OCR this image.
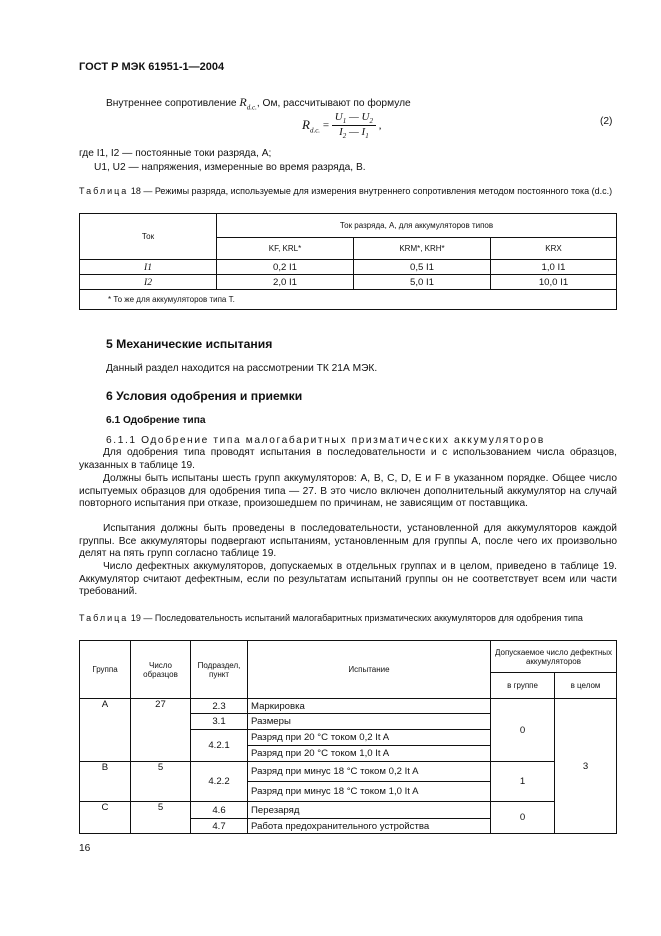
ГОСТ Р МЭК 61951-1—2004
Внутреннее сопротивление $R_{d.c.}$, Ом, рассчитывают по формуле
$R_{d.c.} = \frac{U_1 — U_2}{I_2 — I_1}$ ,	(2)
где I1, I2 — постоянные токи разряда, А;
U1, U2 — напряжения, измеренные во время разряда, В.
Таблица 18 — Режимы разряда, используемые для измерения внутреннего сопротивления методом постоянного тока (d.c.)
Ток	Ток разряда, А, для аккумуляторов типов		
	KF, KRL*	KRM*, KRH*	KRX
I1	0,2 I1	0,5 I1	1,0 I1
I2	2,0 I1	5,0 I1	10,0 I1
* То же для аккумуляторов типа Т.			
5 Механические испытания
Данный раздел находится на рассмотрении ТК 21А МЭК.
6 Условия одобрения и приемки
6.1 Одобрение типа
6.1.1 Одобрение типа малогабаритных призматических аккумуляторов
Для одобрения типа проводят испытания в последовательности и с использованием числа образцов, указанных в таблице 19.
Должны быть испытаны шесть групп аккумуляторов: A, B, C, D, E и F в указанном порядке. Общее число испытуемых образцов для одобрения типа — 27. В это число включен дополнительный аккумулятор на случай повторного испытания при отказе, произошедшем по причинам, не зависящим от поставщика.
Испытания должны быть проведены в последовательности, установленной для аккумуляторов каждой группы. Все аккумуляторы подвергают испытаниям, установленным для группы А, после чего их произвольно делят на пять групп согласно таблице 19.
Число дефектных аккумуляторов, допускаемых в отдельных группах и в целом, приведено в таблице 19. Аккумулятор считают дефектным, если по результатам испытаний группы он не соответствует всем или части требований.
Таблица 19 — Последовательность испытаний малогабаритных призматических аккумуляторов для одобрения типа
Группа	Число образцов	Подраздел, пункт	Испытание	Допускаемое число дефектных аккумуляторов	
				в группе	в целом
A	27	2.3	Маркировка	0	3
		3.1	Размеры		
		4.2.1	Разряд при 20 °С током 0,2 It A		
			Разряд при 20 °С током 1,0 It A		
B	5	4.2.2	Разряд при минус 18 °С током 0,2 It A	1	
			Разряд при минус 18 °С током 1,0 It A		
C	5	4.6	Перезаряд	0	
		4.7	Работа предохранительного устройства		
16
